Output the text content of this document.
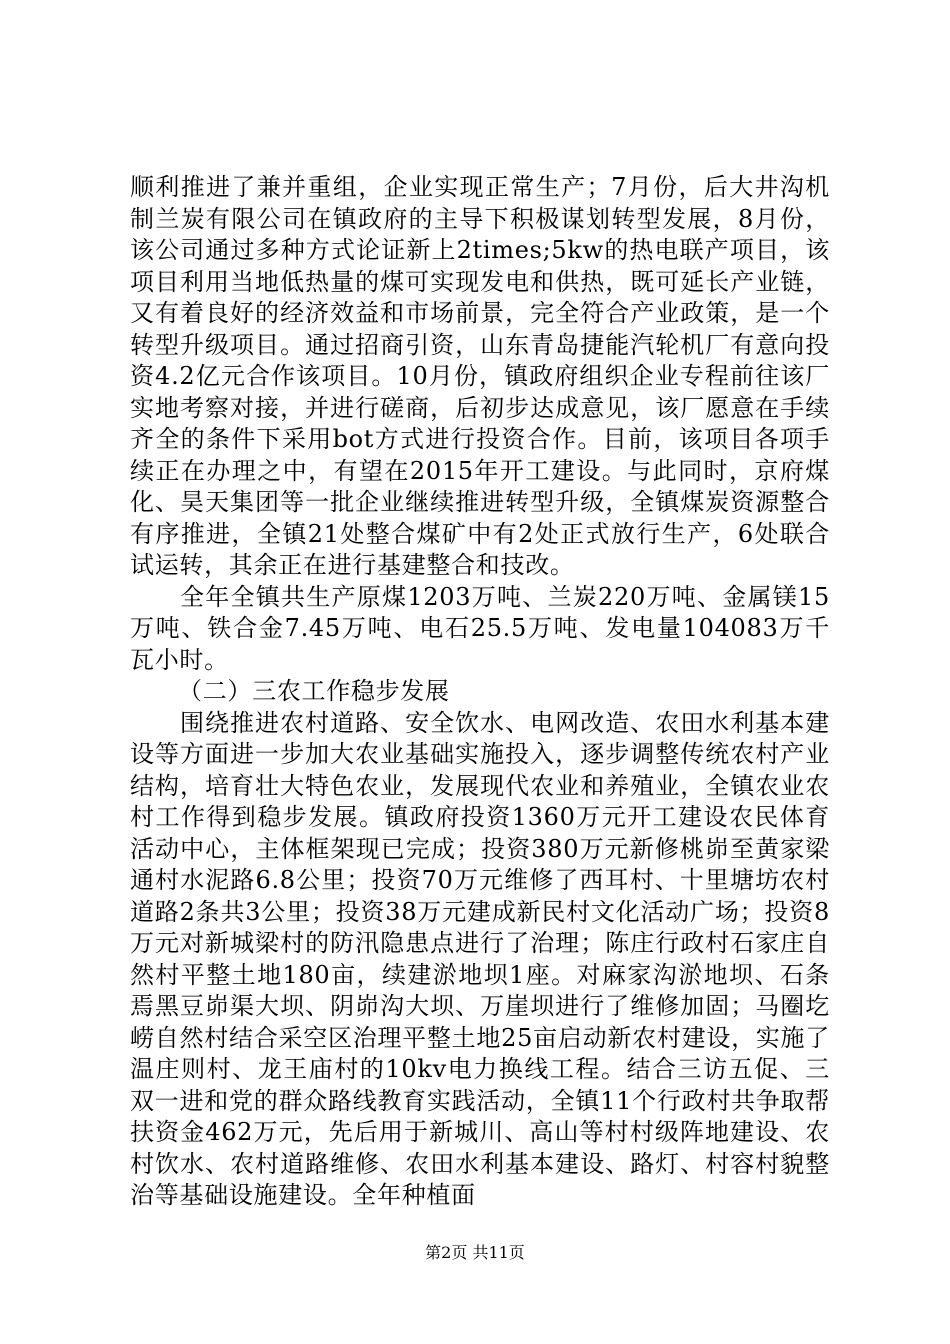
顺利推进了兼并重组，企业实现正常生产；7月份，后大井沟机制兰炭有限公司在镇政府的主导下积极谋划转型发展，8月份，该公司通过多种方式论证新上2times;5kw的热电联产项目，该项目利用当地低热量的煤可实现发电和供热，既可延长产业链，又有着良好的经济效益和市场前景，完全符合产业政策，是一个转型升级项目。通过招商引资，山东青岛捷能汽轮机厂有意向投资4.2亿元合作该项目。10月份，镇政府组织企业专程前往该厂实地考察对接，并进行磋商，后初步达成意见，该厂愿意在手续齐全的条件下采用bot方式进行投资合作。目前，该项目各项手续正在办理之中，有望在2015年开工建设。与此同时，京府煤化、昊天集团等一批企业继续推进转型升级，全镇煤炭资源整合有序推进，全镇21处整合煤矿中有2处正式放行生产，6处联合试运转，其余正在进行基建整合和技改。

全年全镇共生产原煤1203万吨、兰炭220万吨、金属镁15万吨、铁合金7.45万吨、电石25.5万吨、发电量104083万千瓦小时。

（二）三农工作稳步发展

围绕推进农村道路、安全饮水、电网改造、农田水利基本建设等方面进一步加大农业基础实施投入，逐步调整传统农村产业结构，培育壮大特色农业，发展现代农业和养殖业，全镇农业农村工作得到稳步发展。镇政府投资1360万元开工建设农民体育活动中心，主体框架现已完成；投资380万元新修桃峁至黄家梁通村水泥路6.8公里；投资70万元维修了西耳村、十里塘坊农村道路2条共3公里；投资38万元建成新民村文化活动广场；投资8万元对新城梁村的防汛隐患点进行了治理；陈庄行政村石家庄自然村平整土地180亩，续建淤地坝1座。对麻家沟淤地坝、石条焉黑豆峁渠大坝、阴峁沟大坝、万崖坝进行了维修加固；马圈圪崂自然村结合采空区治理平整土地25亩启动新农村建设，实施了温庄则村、龙王庙村的10kv电力换线工程。结合三访五促、三双一进和党的群众路线教育实践活动，全镇11个行政村共争取帮扶资金462万元，先后用于新城川、高山等村村级阵地建设、农村饮水、农村道路维修、农田水利基本建设、路灯、村容村貌整治等基础设施建设。全年种植面

第2页 共11页
